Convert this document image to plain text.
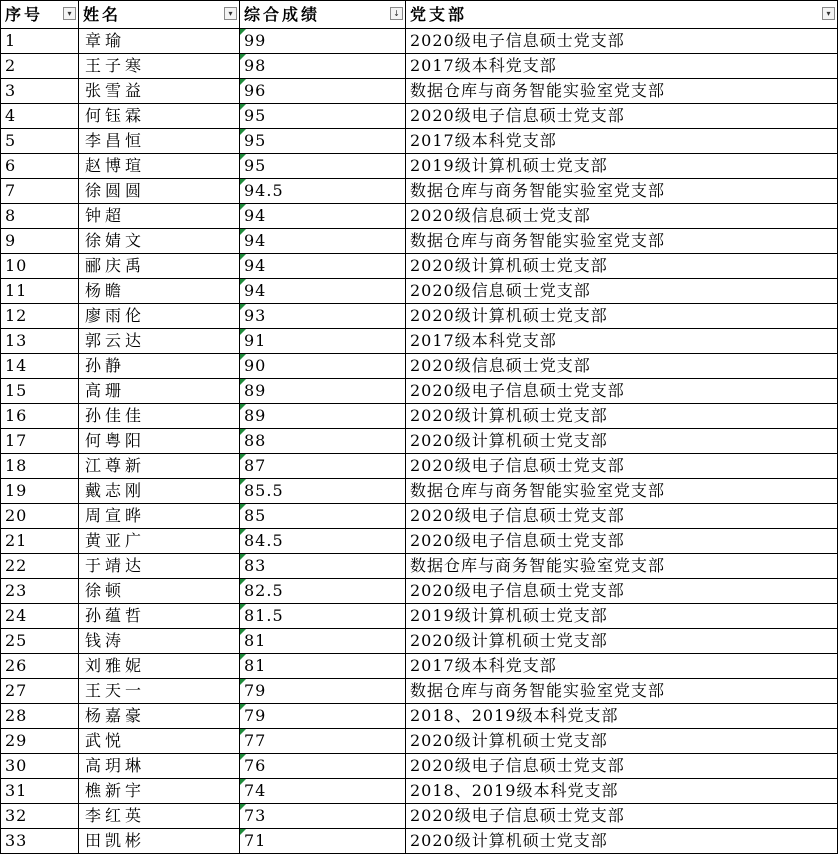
序号 ▾	姓名 ▾	综合成绩 ↓	党支部 ▾

1	章瑜	99	2020级电子信息硕士党支部
2	王子寒	98	2017级本科党支部
3	张雪益	96	数据仓库与商务智能实验室党支部
4	何钰霖	95	2020级电子信息硕士党支部
5	李昌恒	95	2017级本科党支部
6	赵博瑄	95	2019级计算机硕士党支部
7	徐圆圆	94.5	数据仓库与商务智能实验室党支部
8	钟超	94	2020级信息硕士党支部
9	徐婧文	94	数据仓库与商务智能实验室党支部
10	郦庆禹	94	2020级计算机硕士党支部
11	杨瞻	94	2020级信息硕士党支部
12	廖雨伦	93	2020级计算机硕士党支部
13	郭云达	91	2017级本科党支部
14	孙静	90	2020级信息硕士党支部
15	高珊	89	2020级电子信息硕士党支部
16	孙佳佳	89	2020级计算机硕士党支部
17	何粤阳	88	2020级计算机硕士党支部
18	江尊新	87	2020级电子信息硕士党支部
19	戴志刚	85.5	数据仓库与商务智能实验室党支部
20	周宣晔	85	2020级电子信息硕士党支部
21	黄亚广	84.5	2020级电子信息硕士党支部
22	于靖达	83	数据仓库与商务智能实验室党支部
23	徐顿	82.5	2020级电子信息硕士党支部
24	孙蕴哲	81.5	2019级计算机硕士党支部
25	钱涛	81	2020级计算机硕士党支部
26	刘雅妮	81	2017级本科党支部
27	王天一	79	数据仓库与商务智能实验室党支部
28	杨嘉豪	79	2018、2019级本科党支部
29	武悦	77	2020级计算机硕士党支部
30	高玥琳	76	2020级电子信息硕士党支部
31	樵新宇	74	2018、2019级本科党支部
32	李红英	73	2020级电子信息硕士党支部
33	田凯彬	71	2020级计算机硕士党支部
